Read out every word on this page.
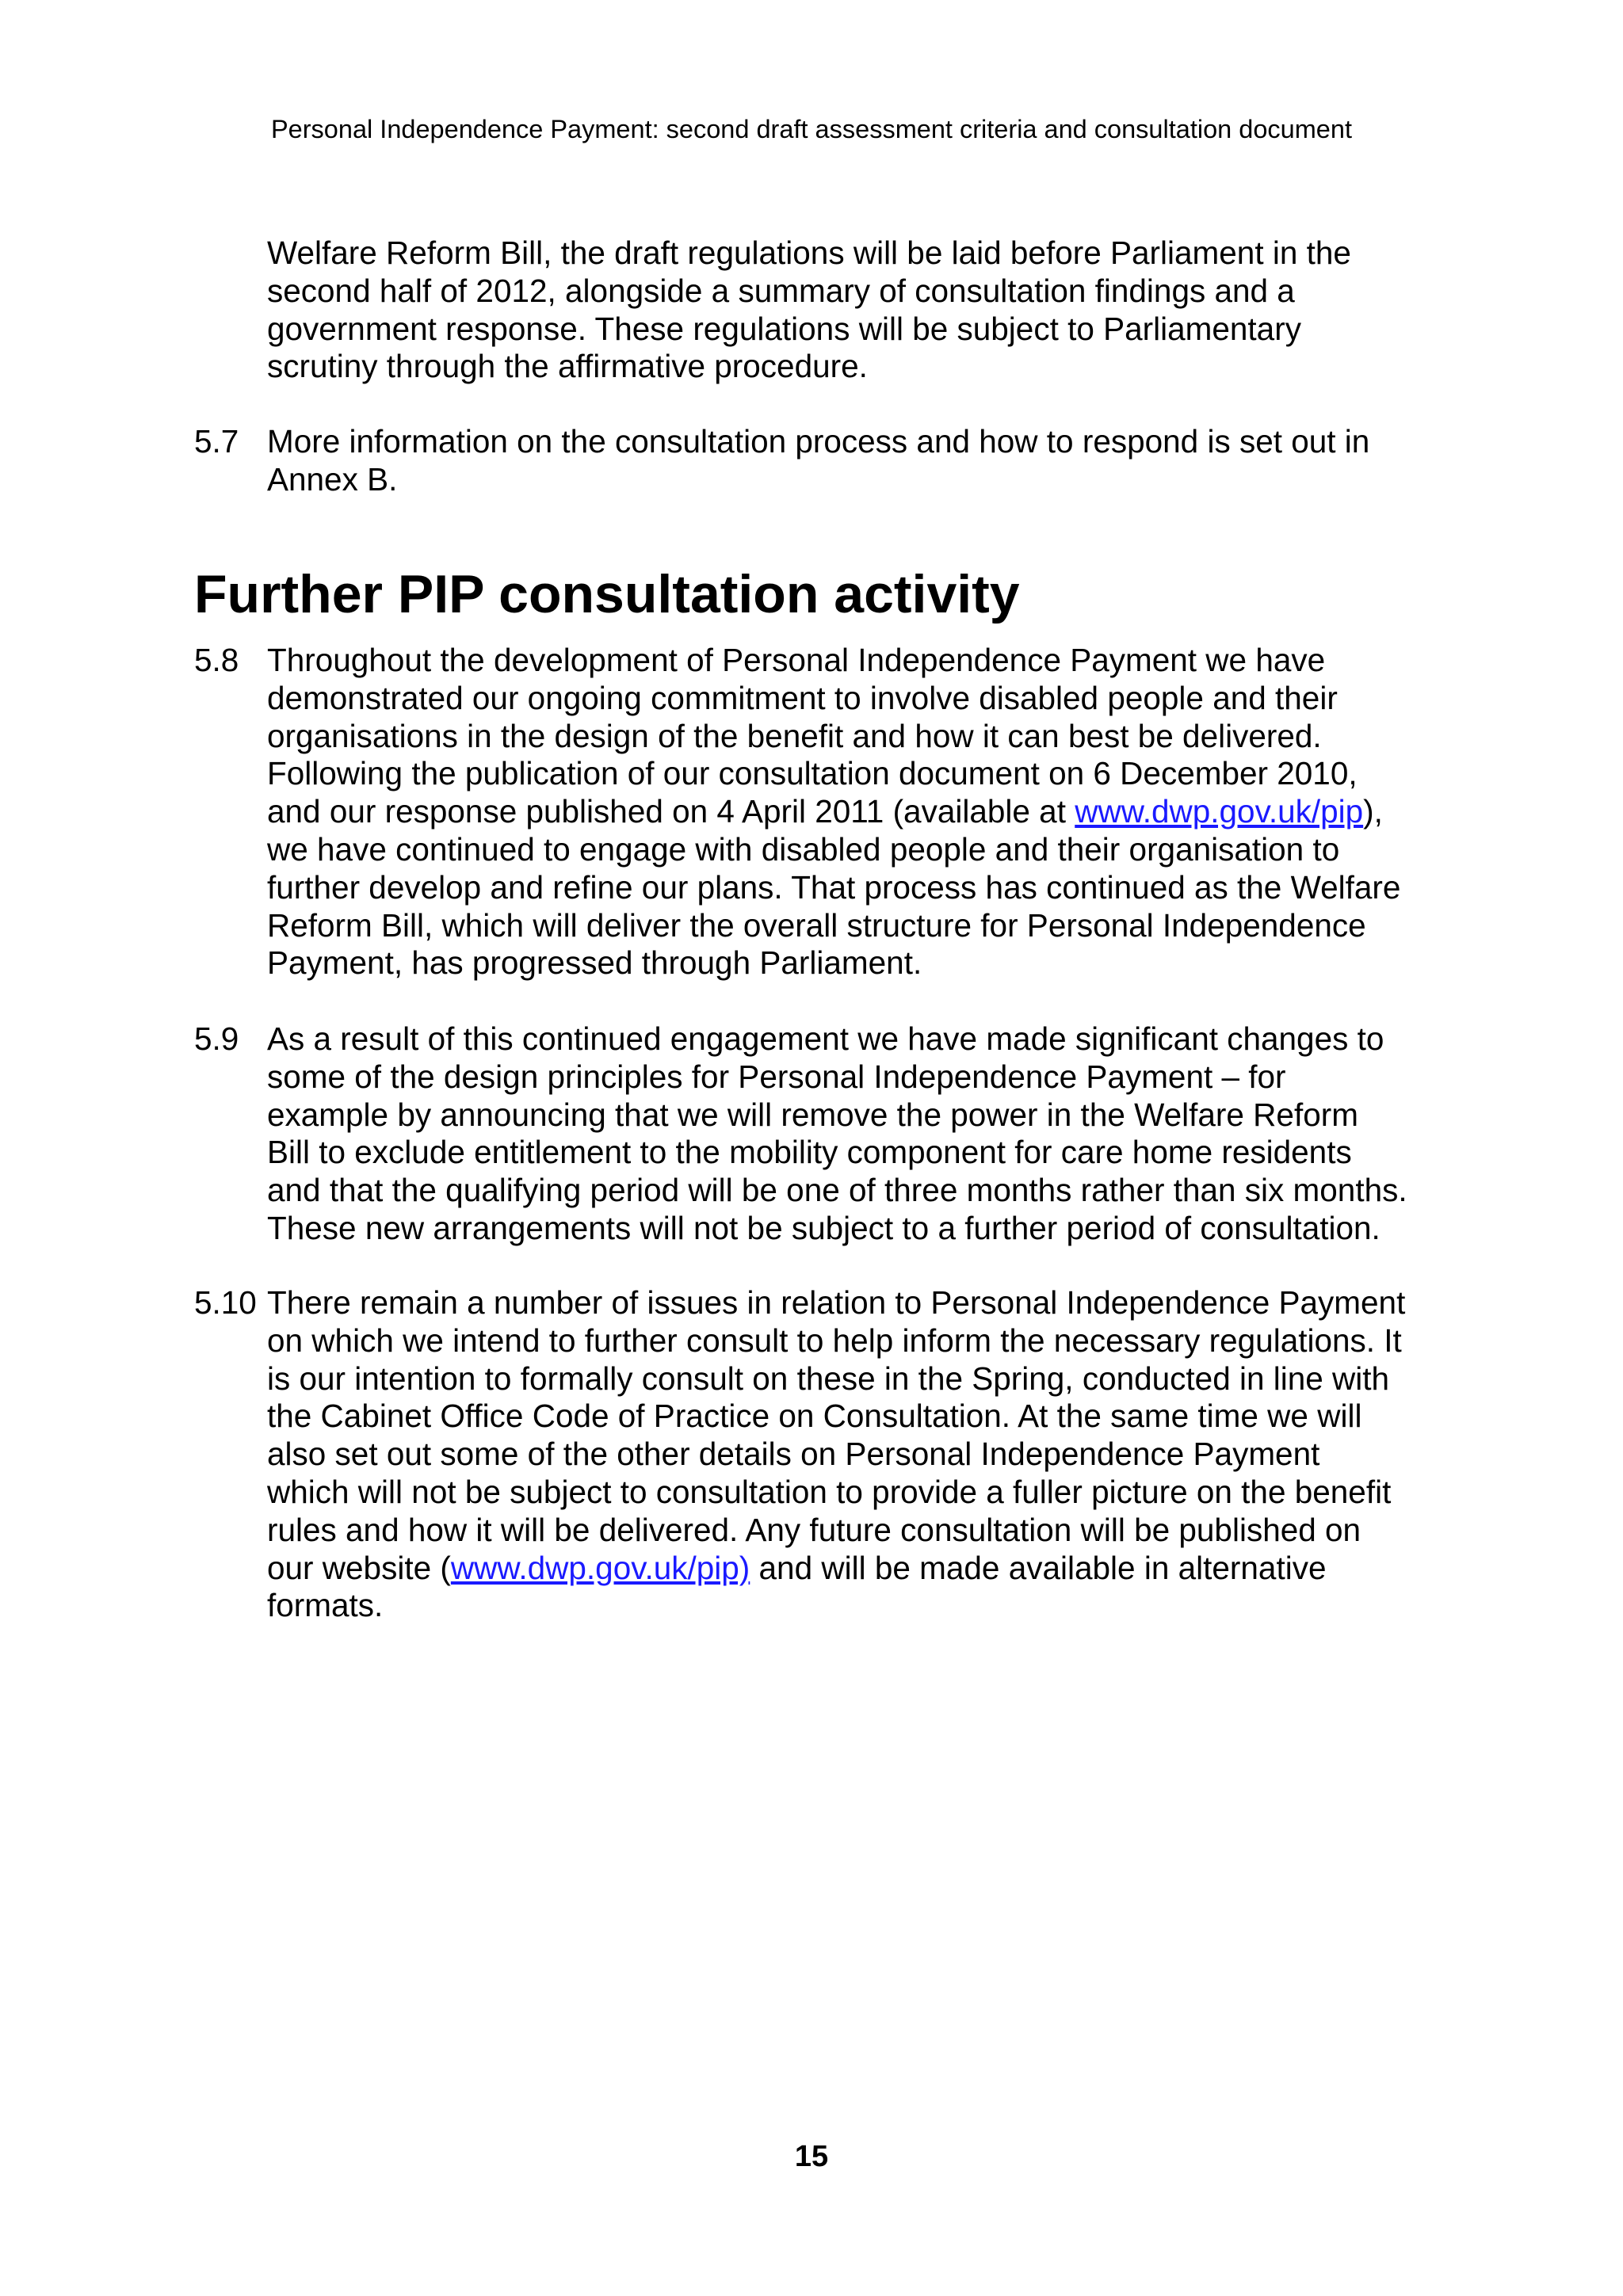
Personal Independence Payment: second draft assessment criteria and consultation document
Welfare Reform Bill, the draft regulations will be laid before Parliament in the
second half of 2012, alongside a summary of consultation findings and a
government response. These regulations will be subject to Parliamentary
scrutiny through the affirmative procedure.
5.7 More information on the consultation process and how to respond is set out in
Annex B.
Further PIP consultation activity
5.8 Throughout the development of Personal Independence Payment we have
demonstrated our ongoing commitment to involve disabled people and their
organisations in the design of the benefit and how it can best be delivered.
Following the publication of our consultation document on 6 December 2010,
and our response published on 4 April 2011 (available at www.dwp.gov.uk/pip),
we have continued to engage with disabled people and their organisation to
further develop and refine our plans. That process has continued as the Welfare
Reform Bill, which will deliver the overall structure for Personal Independence
Payment, has progressed through Parliament.
5.9 As a result of this continued engagement we have made significant changes to
some of the design principles for Personal Independence Payment – for
example by announcing that we will remove the power in the Welfare Reform
Bill to exclude entitlement to the mobility component for care home residents
and that the qualifying period will be one of three months rather than six months.
These new arrangements will not be subject to a further period of consultation.
5.10 There remain a number of issues in relation to Personal Independence Payment
on which we intend to further consult to help inform the necessary regulations. It
is our intention to formally consult on these in the Spring, conducted in line with
the Cabinet Office Code of Practice on Consultation. At the same time we will
also set out some of the other details on Personal Independence Payment
which will not be subject to consultation to provide a fuller picture on the benefit
rules and how it will be delivered. Any future consultation will be published on
our website (www.dwp.gov.uk/pip) and will be made available in alternative
formats.
15
